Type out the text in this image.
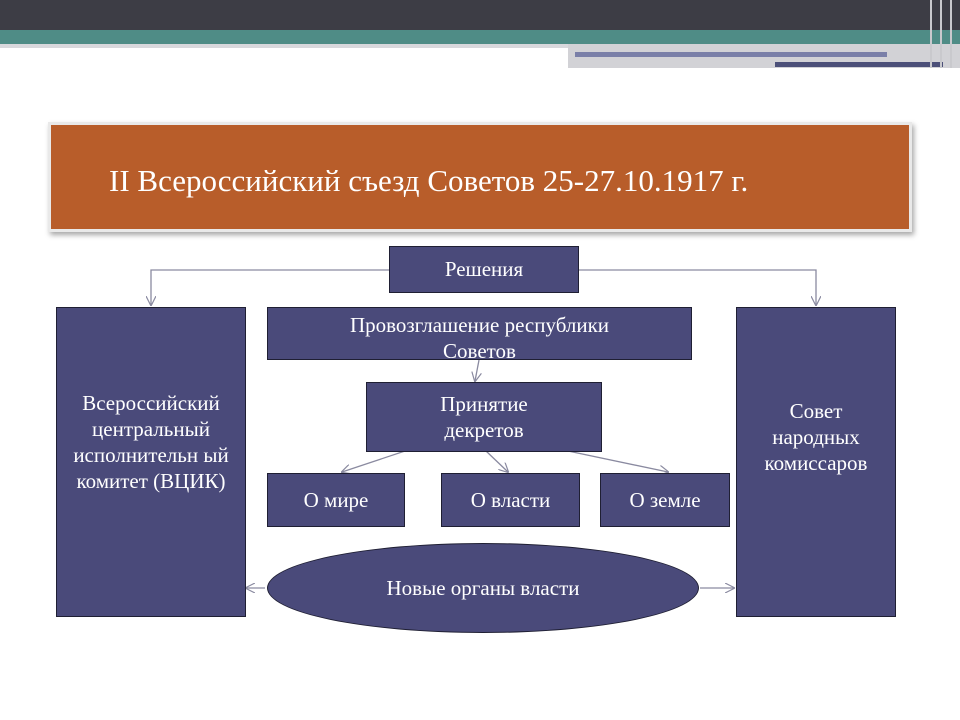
II Всероссийский съезд Советов 25-27.10.1917 г.
Решения
Провозглашение республики Советов
Принятие декретов
О мире	О власти	О земле
Всероссийский центральный исполнительн ый комитет (ВЦИК)
Совет народных комиссаров
Новые органы власти
